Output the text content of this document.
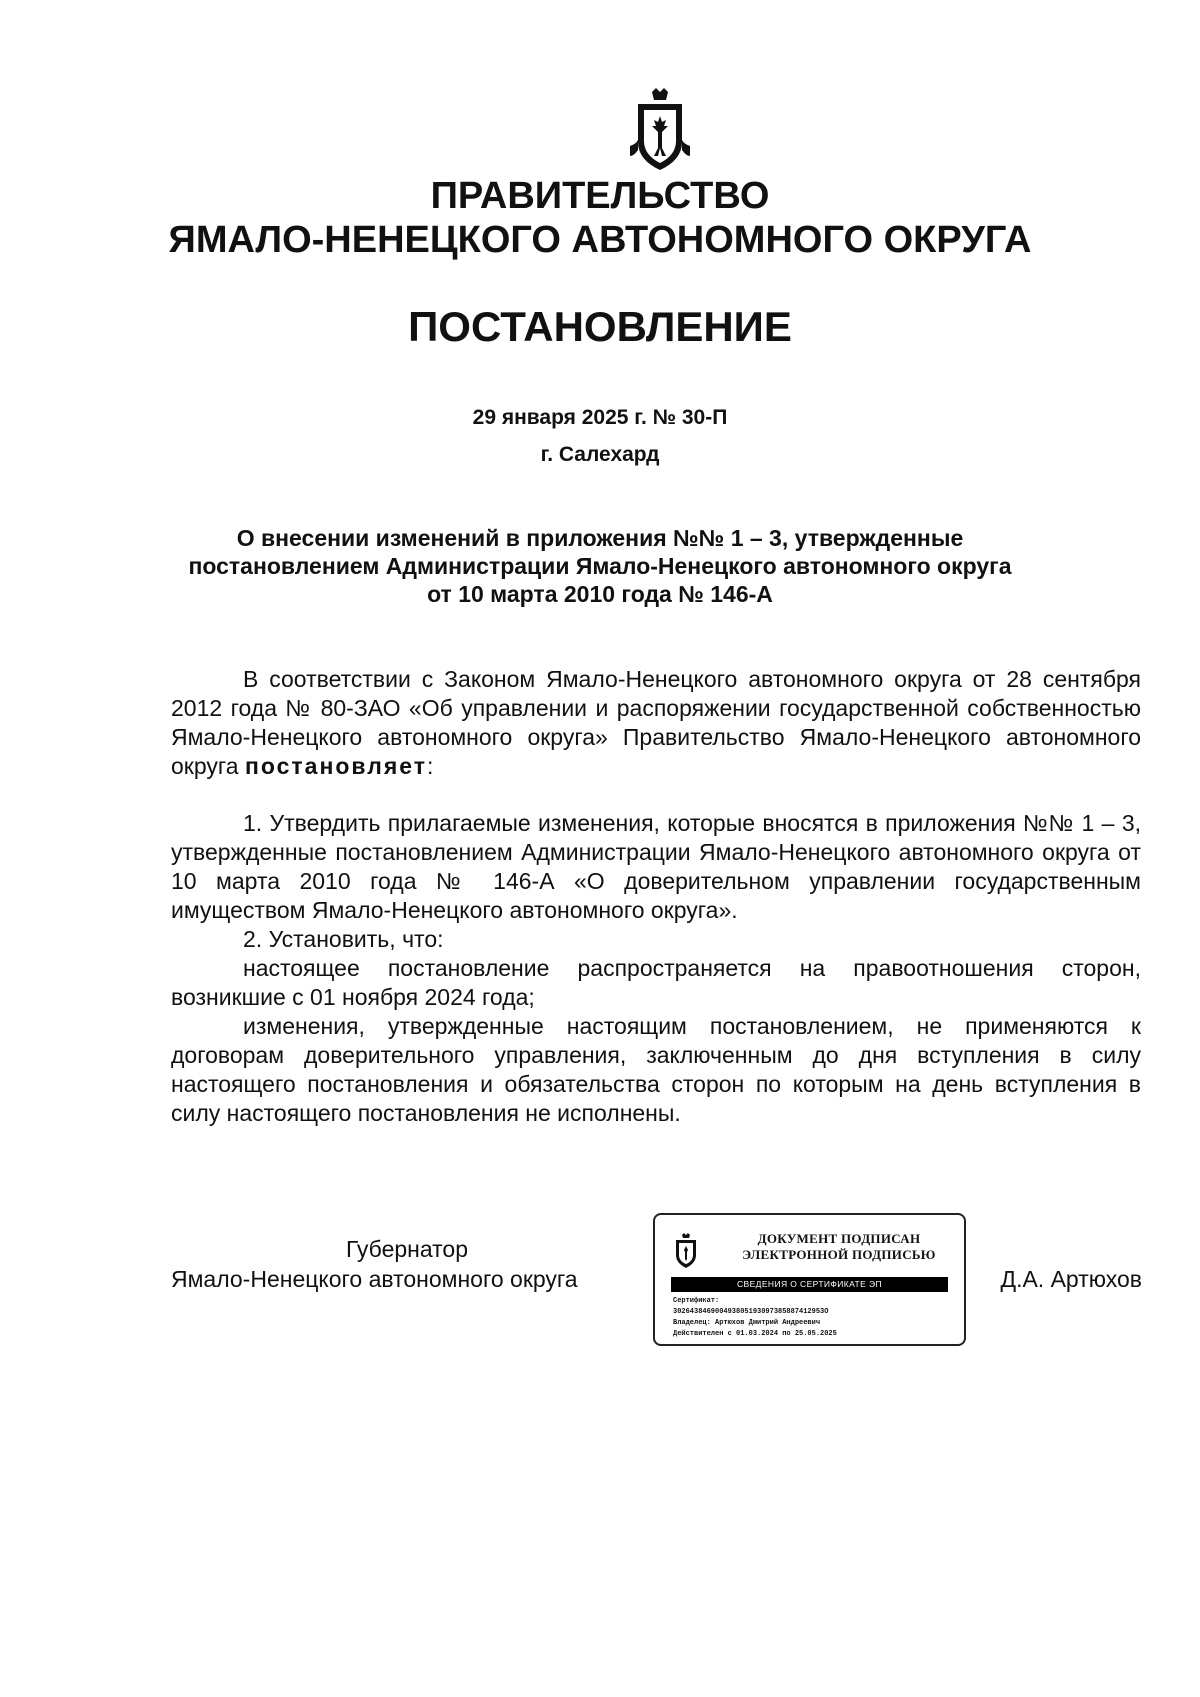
ПРАВИТЕЛЬСТВО
ЯМАЛО-НЕНЕЦКОГО АВТОНОМНОГО ОКРУГА
ПОСТАНОВЛЕНИЕ
29 января 2025 г. № 30-П
г. Салехард
О внесении изменений в приложения №№ 1 – 3, утвержденные
постановлением Администрации Ямало-Ненецкого автономного округа
от 10 марта 2010 года № 146-А

В соответствии с Законом Ямало-Ненецкого автономного округа от 28 сентября 2012 года № 80-ЗАО «Об управлении и распоряжении государственной собственностью Ямало-Ненецкого автономного округа» Правительство Ямало-Ненецкого автономного округа постановляет:

1. Утвердить прилагаемые изменения, которые вносятся в приложения №№ 1 – 3, утвержденные постановлением Администрации Ямало-Ненецкого автономного округа от 10 марта 2010 года № 146-А «О доверительном управлении государственным имуществом Ямало-Ненецкого автономного округа».

2. Установить, что:

настоящее постановление распространяется на правоотношения сторон, возникшие с 01 ноября 2024 года;

изменения, утвержденные настоящим постановлением, не применяются к договорам доверительного управления, заключенным до дня вступления в силу настоящего постановления и обязательства сторон по которым на день вступления в силу настоящего постановления не исполнены.

Губернатор
Ямало-Ненецкого автономного округа
ДОКУМЕНТ ПОДПИСАН
ЭЛЕКТРОННОЙ ПОДПИСЬЮ
СВЕДЕНИЯ О СЕРТИФИКАТЕ ЭП
Сертификат:
302643846900493805193097385887412953О
Владелец: Артюхов Дмитрий Андреевич
Действителен с 01.03.2024 по 25.05.2025
Д.А. Артюхов
